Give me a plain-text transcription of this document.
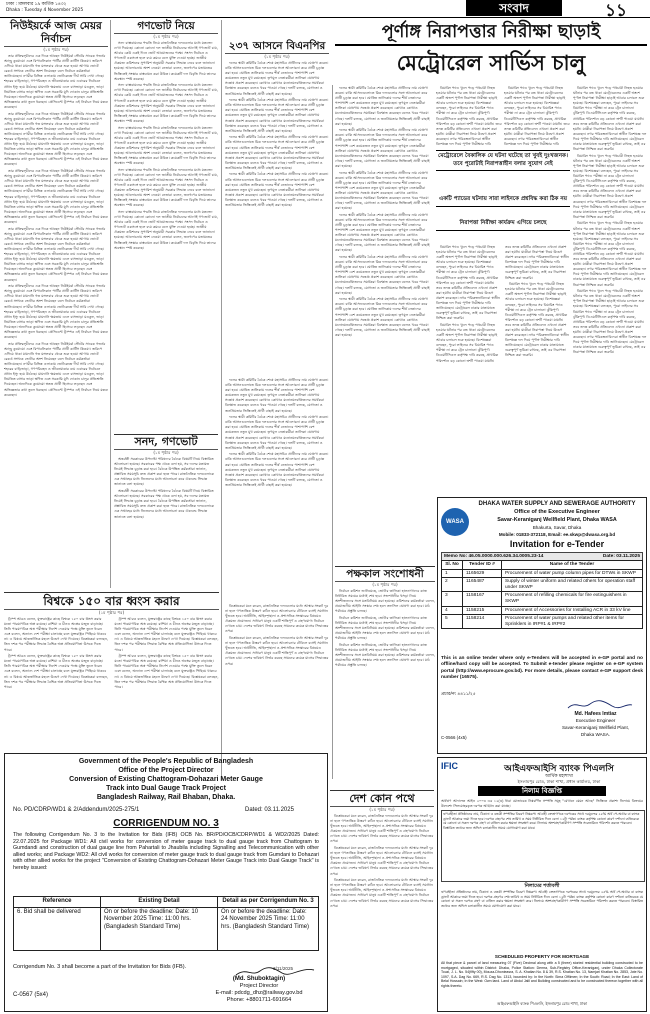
ঢাকা : মঙ্গলবার ১৯ কার্তিক ১৪৩২
Dhaka : Tuesday 4 November 2025	সংবাদ	১১
নিউইয়র্কে আজ মেয়র নির্বাচন
(১ম পৃষ্ঠার পর)

তার প্রতিদ্বন্দ্বীদের এক দিকে আছেন নিউইয়র্ক স্টেটের সাবেক গভর্নর অ্যান্ড্রু কুয়োমো এবং রিপাবলিকান পার্টির প্রার্থী কার্টিস স্লিওয়া। জরিপে এগিয়ে থাকা মামদানি গত মঙ্গলবার থেকে শুরু হওয়া আগাম ভোটে রেকর্ড সংখ্যক ভোটার অংশ নিয়েছেন বলে নির্বাচন কর্মকর্তারা জানিয়েছেন। নগরীর বিভিন্ন এলাকায় ভোটকেন্দ্রে দীর্ঘ সারি দেখা গেছে। শহরের বাড়িভাড়া, গণপরিবহন ও জীবনযাত্রার ব্যয় এবারের নির্বাচনে প্রধান ইস্যু হয়ে উঠেছে। মামদানি ক্ষমতায় এলে বাসভাড়া মওকুফ, ভাড়া নিয়ন্ত্রিত বাসার ভাড়া স্থগিত এবং সরকারি মুদি দোকান চালুর প্রতিশ্রুতি দিয়েছেন। অন্যদিকে কুয়োমো স্বতন্ত্র প্রার্থী হিসেবে লড়ছেন এবং অভিজ্ঞতার কথা তুলে ধরছেন। প্রেসিডেন্ট ট্রাম্পও এই নির্বাচন নিয়ে মন্তব্য করেছেন।

তার প্রতিদ্বন্দ্বীদের এক দিকে আছেন নিউইয়র্ক স্টেটের সাবেক গভর্নর অ্যান্ড্রু কুয়োমো এবং রিপাবলিকান পার্টির প্রার্থী কার্টিস স্লিওয়া। জরিপে এগিয়ে থাকা মামদানি গত মঙ্গলবার থেকে শুরু হওয়া আগাম ভোটে রেকর্ড সংখ্যক ভোটার অংশ নিয়েছেন বলে নির্বাচন কর্মকর্তারা জানিয়েছেন। নগরীর বিভিন্ন এলাকায় ভোটকেন্দ্রে দীর্ঘ সারি দেখা গেছে। শহরের বাড়িভাড়া, গণপরিবহন ও জীবনযাত্রার ব্যয় এবারের নির্বাচনে প্রধান ইস্যু হয়ে উঠেছে। মামদানি ক্ষমতায় এলে বাসভাড়া মওকুফ, ভাড়া নিয়ন্ত্রিত বাসার ভাড়া স্থগিত এবং সরকারি মুদি দোকান চালুর প্রতিশ্রুতি দিয়েছেন। অন্যদিকে কুয়োমো স্বতন্ত্র প্রার্থী হিসেবে লড়ছেন এবং অভিজ্ঞতার কথা তুলে ধরছেন। প্রেসিডেন্ট ট্রাম্পও এই নির্বাচন নিয়ে মন্তব্য করেছেন।

তার প্রতিদ্বন্দ্বীদের এক দিকে আছেন নিউইয়র্ক স্টেটের সাবেক গভর্নর অ্যান্ড্রু কুয়োমো এবং রিপাবলিকান পার্টির প্রার্থী কার্টিস স্লিওয়া। জরিপে এগিয়ে থাকা মামদানি গত মঙ্গলবার থেকে শুরু হওয়া আগাম ভোটে রেকর্ড সংখ্যক ভোটার অংশ নিয়েছেন বলে নির্বাচন কর্মকর্তারা জানিয়েছেন। নগরীর বিভিন্ন এলাকায় ভোটকেন্দ্রে দীর্ঘ সারি দেখা গেছে। শহরের বাড়িভাড়া, গণপরিবহন ও জীবনযাত্রার ব্যয় এবারের নির্বাচনে প্রধান ইস্যু হয়ে উঠেছে। মামদানি ক্ষমতায় এলে বাসভাড়া মওকুফ, ভাড়া নিয়ন্ত্রিত বাসার ভাড়া স্থগিত এবং সরকারি মুদি দোকান চালুর প্রতিশ্রুতি দিয়েছেন। অন্যদিকে কুয়োমো স্বতন্ত্র প্রার্থী হিসেবে লড়ছেন এবং অভিজ্ঞতার কথা তুলে ধরছেন। প্রেসিডেন্ট ট্রাম্পও এই নির্বাচন নিয়ে মন্তব্য করেছেন।

তার প্রতিদ্বন্দ্বীদের এক দিকে আছেন নিউইয়র্ক স্টেটের সাবেক গভর্নর অ্যান্ড্রু কুয়োমো এবং রিপাবলিকান পার্টির প্রার্থী কার্টিস স্লিওয়া। জরিপে এগিয়ে থাকা মামদানি গত মঙ্গলবার থেকে শুরু হওয়া আগাম ভোটে রেকর্ড সংখ্যক ভোটার অংশ নিয়েছেন বলে নির্বাচন কর্মকর্তারা জানিয়েছেন। নগরীর বিভিন্ন এলাকায় ভোটকেন্দ্রে দীর্ঘ সারি দেখা গেছে। শহরের বাড়িভাড়া, গণপরিবহন ও জীবনযাত্রার ব্যয় এবারের নির্বাচনে প্রধান ইস্যু হয়ে উঠেছে। মামদানি ক্ষমতায় এলে বাসভাড়া মওকুফ, ভাড়া নিয়ন্ত্রিত বাসার ভাড়া স্থগিত এবং সরকারি মুদি দোকান চালুর প্রতিশ্রুতি দিয়েছেন। অন্যদিকে কুয়োমো স্বতন্ত্র প্রার্থী হিসেবে লড়ছেন এবং অভিজ্ঞতার কথা তুলে ধরছেন। প্রেসিডেন্ট ট্রাম্পও এই নির্বাচন নিয়ে মন্তব্য করেছেন।

তার প্রতিদ্বন্দ্বীদের এক দিকে আছেন নিউইয়র্ক স্টেটের সাবেক গভর্নর অ্যান্ড্রু কুয়োমো এবং রিপাবলিকান পার্টির প্রার্থী কার্টিস স্লিওয়া। জরিপে এগিয়ে থাকা মামদানি গত মঙ্গলবার থেকে শুরু হওয়া আগাম ভোটে রেকর্ড সংখ্যক ভোটার অংশ নিয়েছেন বলে নির্বাচন কর্মকর্তারা জানিয়েছেন। নগরীর বিভিন্ন এলাকায় ভোটকেন্দ্রে দীর্ঘ সারি দেখা গেছে। শহরের বাড়িভাড়া, গণপরিবহন ও জীবনযাত্রার ব্যয় এবারের নির্বাচনে প্রধান ইস্যু হয়ে উঠেছে। মামদানি ক্ষমতায় এলে বাসভাড়া মওকুফ, ভাড়া নিয়ন্ত্রিত বাসার ভাড়া স্থগিত এবং সরকারি মুদি দোকান চালুর প্রতিশ্রুতি দিয়েছেন। অন্যদিকে কুয়োমো স্বতন্ত্র প্রার্থী হিসেবে লড়ছেন এবং অভিজ্ঞতার কথা তুলে ধরছেন। প্রেসিডেন্ট ট্রাম্পও এই নির্বাচন নিয়ে মন্তব্য করেছেন।

তার প্রতিদ্বন্দ্বীদের এক দিকে আছেন নিউইয়র্ক স্টেটের সাবেক গভর্নর অ্যান্ড্রু কুয়োমো এবং রিপাবলিকান পার্টির প্রার্থী কার্টিস স্লিওয়া। জরিপে এগিয়ে থাকা মামদানি গত মঙ্গলবার থেকে শুরু হওয়া আগাম ভোটে রেকর্ড সংখ্যক ভোটার অংশ নিয়েছেন বলে নির্বাচন কর্মকর্তারা জানিয়েছেন। নগরীর বিভিন্ন এলাকায় ভোটকেন্দ্রে দীর্ঘ সারি দেখা গেছে। শহরের বাড়িভাড়া, গণপরিবহন ও জীবনযাত্রার ব্যয় এবারের নির্বাচনে প্রধান ইস্যু হয়ে উঠেছে। মামদানি ক্ষমতায় এলে বাসভাড়া মওকুফ, ভাড়া নিয়ন্ত্রিত বাসার ভাড়া স্থগিত এবং সরকারি মুদি দোকান চালুর প্রতিশ্রুতি দিয়েছেন। অন্যদিকে কুয়োমো স্বতন্ত্র প্রার্থী হিসেবে লড়ছেন এবং অভিজ্ঞতার কথা তুলে ধরছেন। প্রেসিডেন্ট ট্রাম্পও এই নির্বাচন নিয়ে মন্তব্য করেছেন।

বিশ্বকে ১৫০ বার ধ্বংস করার
(১ম পৃষ্ঠার পর)

ট্রাম্প আরও বলেন, যুক্তরাষ্ট্রের কাছে বিশ্বকে ১৫০ বার ধ্বংস করার মতো পারমাণবিক অস্ত্র রয়েছে। রাশিয়া ও চীনও অস্ত্রের মজুত বাড়াচ্ছে। তিনি পারমাণবিক অস্ত্র পরীক্ষার নির্দেশ দেওয়ার পক্ষে যুক্তি তুলে ধরেন এবং বলেন, অন্যান্য দেশ পরীক্ষা চালাচ্ছে বলে যুক্তরাষ্ট্রও পিছিয়ে থাকবে না। এ বিষয়ে আন্তর্জাতিক মহলে উদ্বেগ দেখা দিয়েছে। বিশ্লেষকরা বলছেন, তিন দশক পর পরীক্ষার সিদ্ধান্ত বৈশ্বিক অস্ত্র প্রতিযোগিতা উসকে দিতে পারে।

ট্রাম্প আরও বলেন, যুক্তরাষ্ট্রের কাছে বিশ্বকে ১৫০ বার ধ্বংস করার মতো পারমাণবিক অস্ত্র রয়েছে। রাশিয়া ও চীনও অস্ত্রের মজুত বাড়াচ্ছে। তিনি পারমাণবিক অস্ত্র পরীক্ষার নির্দেশ দেওয়ার পক্ষে যুক্তি তুলে ধরেন এবং বলেন, অন্যান্য দেশ পরীক্ষা চালাচ্ছে বলে যুক্তরাষ্ট্রও পিছিয়ে থাকবে না। এ বিষয়ে আন্তর্জাতিক মহলে উদ্বেগ দেখা দিয়েছে। বিশ্লেষকরা বলছেন, তিন দশক পর পরীক্ষার সিদ্ধান্ত বৈশ্বিক অস্ত্র প্রতিযোগিতা উসকে দিতে পারে।

ট্রাম্প আরও বলেন, যুক্তরাষ্ট্রের কাছে বিশ্বকে ১৫০ বার ধ্বংস করার মতো পারমাণবিক অস্ত্র রয়েছে। রাশিয়া ও চীনও অস্ত্রের মজুত বাড়াচ্ছে। তিনি পারমাণবিক অস্ত্র পরীক্ষার নির্দেশ দেওয়ার পক্ষে যুক্তি তুলে ধরেন এবং বলেন, অন্যান্য দেশ পরীক্ষা চালাচ্ছে বলে যুক্তরাষ্ট্রও পিছিয়ে থাকবে না। এ বিষয়ে আন্তর্জাতিক মহলে উদ্বেগ দেখা দিয়েছে। বিশ্লেষকরা বলছেন, তিন দশক পর পরীক্ষার সিদ্ধান্ত বৈশ্বিক অস্ত্র প্রতিযোগিতা উসকে দিতে পারে।

ট্রাম্প আরও বলেন, যুক্তরাষ্ট্রের কাছে বিশ্বকে ১৫০ বার ধ্বংস করার মতো পারমাণবিক অস্ত্র রয়েছে। রাশিয়া ও চীনও অস্ত্রের মজুত বাড়াচ্ছে। তিনি পারমাণবিক অস্ত্র পরীক্ষার নির্দেশ দেওয়ার পক্ষে যুক্তি তুলে ধরেন এবং বলেন, অন্যান্য দেশ পরীক্ষা চালাচ্ছে বলে যুক্তরাষ্ট্রও পিছিয়ে থাকবে না। এ বিষয়ে আন্তর্জাতিক মহলে উদ্বেগ দেখা দিয়েছে। বিশ্লেষকরা বলছেন, তিন দশক পর পরীক্ষার সিদ্ধান্ত বৈশ্বিক অস্ত্র প্রতিযোগিতা উসকে দিতে পারে।

গণভোট নিয়ে
(১ম পৃষ্ঠার পর)

সনদ বাস্তবায়নের পদ্ধতি নিয়ে রাজনৈতিক দলগুলোর মধ্যে মতভেদ দেখা দিয়েছে। কোনো কোনো দল জাতীয় নির্বাচনের আগেই গণভোট চায়, আবার কেউ একই দিনে ভোট আয়োজনের পক্ষে। সংসদ নির্বাচন ও গণভোট একসঙ্গে হলে ব্যয় কমবে বলে যুক্তি দেওয়া হচ্ছে। জাতীয় ঐকমত্য কমিশনের সুপারিশ অনুযায়ী সরকার সিদ্ধান্ত নেবে বলে জানানো হয়েছে। আলোচনায় অংশ নেওয়া নেতারা বলেন, জনগণের মতামতের ভিত্তিতেই সংস্কার বাস্তবায়ন করা উচিত। কয়েকটি দল বিবৃতি দিয়ে তাদের অবস্থান স্পষ্ট করেছে।

সনদ বাস্তবায়নের পদ্ধতি নিয়ে রাজনৈতিক দলগুলোর মধ্যে মতভেদ দেখা দিয়েছে। কোনো কোনো দল জাতীয় নির্বাচনের আগেই গণভোট চায়, আবার কেউ একই দিনে ভোট আয়োজনের পক্ষে। সংসদ নির্বাচন ও গণভোট একসঙ্গে হলে ব্যয় কমবে বলে যুক্তি দেওয়া হচ্ছে। জাতীয় ঐকমত্য কমিশনের সুপারিশ অনুযায়ী সরকার সিদ্ধান্ত নেবে বলে জানানো হয়েছে। আলোচনায় অংশ নেওয়া নেতারা বলেন, জনগণের মতামতের ভিত্তিতেই সংস্কার বাস্তবায়ন করা উচিত। কয়েকটি দল বিবৃতি দিয়ে তাদের অবস্থান স্পষ্ট করেছে।

সনদ বাস্তবায়নের পদ্ধতি নিয়ে রাজনৈতিক দলগুলোর মধ্যে মতভেদ দেখা দিয়েছে। কোনো কোনো দল জাতীয় নির্বাচনের আগেই গণভোট চায়, আবার কেউ একই দিনে ভোট আয়োজনের পক্ষে। সংসদ নির্বাচন ও গণভোট একসঙ্গে হলে ব্যয় কমবে বলে যুক্তি দেওয়া হচ্ছে। জাতীয় ঐকমত্য কমিশনের সুপারিশ অনুযায়ী সরকার সিদ্ধান্ত নেবে বলে জানানো হয়েছে। আলোচনায় অংশ নেওয়া নেতারা বলেন, জনগণের মতামতের ভিত্তিতেই সংস্কার বাস্তবায়ন করা উচিত। কয়েকটি দল বিবৃতি দিয়ে তাদের অবস্থান স্পষ্ট করেছে।

সনদ বাস্তবায়নের পদ্ধতি নিয়ে রাজনৈতিক দলগুলোর মধ্যে মতভেদ দেখা দিয়েছে। কোনো কোনো দল জাতীয় নির্বাচনের আগেই গণভোট চায়, আবার কেউ একই দিনে ভোট আয়োজনের পক্ষে। সংসদ নির্বাচন ও গণভোট একসঙ্গে হলে ব্যয় কমবে বলে যুক্তি দেওয়া হচ্ছে। জাতীয় ঐকমত্য কমিশনের সুপারিশ অনুযায়ী সরকার সিদ্ধান্ত নেবে বলে জানানো হয়েছে। আলোচনায় অংশ নেওয়া নেতারা বলেন, জনগণের মতামতের ভিত্তিতেই সংস্কার বাস্তবায়ন করা উচিত। কয়েকটি দল বিবৃতি দিয়ে তাদের অবস্থান স্পষ্ট করেছে।

সনদ বাস্তবায়নের পদ্ধতি নিয়ে রাজনৈতিক দলগুলোর মধ্যে মতভেদ দেখা দিয়েছে। কোনো কোনো দল জাতীয় নির্বাচনের আগেই গণভোট চায়, আবার কেউ একই দিনে ভোট আয়োজনের পক্ষে। সংসদ নির্বাচন ও গণভোট একসঙ্গে হলে ব্যয় কমবে বলে যুক্তি দেওয়া হচ্ছে। জাতীয় ঐকমত্য কমিশনের সুপারিশ অনুযায়ী সরকার সিদ্ধান্ত নেবে বলে জানানো হয়েছে। আলোচনায় অংশ নেওয়া নেতারা বলেন, জনগণের মতামতের ভিত্তিতেই সংস্কার বাস্তবায়ন করা উচিত। কয়েকটি দল বিবৃতি দিয়ে তাদের অবস্থান স্পষ্ট করেছে।

সনদ, গণভোট
(১ম পৃষ্ঠার পর)

অন্তর্বর্তী সরকারের উপদেষ্টা পরিষদের বৈঠকে বিষয়টি নিয়ে বিস্তারিত আলোচনা হয়েছে। সরকারের পক্ষ থেকে বলা হয়, সব দলের মতামত নিয়েই সিদ্ধান্ত চূড়ান্ত করা হবে। বৈঠকে উপস্থিত কর্মকর্তারা জানান, প্রস্তাবিত সময়সূচি দ্রুত প্রকাশ করা হতে পারে। রাজনৈতিক দলগুলোকে এক সপ্তাহের মধ্যে নিজেদের মধ্যে আলোচনা করে ঐক্যবদ্ধ সিদ্ধান্ত জানাতে বলা হয়েছে।

অন্তর্বর্তী সরকারের উপদেষ্টা পরিষদের বৈঠকে বিষয়টি নিয়ে বিস্তারিত আলোচনা হয়েছে। সরকারের পক্ষ থেকে বলা হয়, সব দলের মতামত নিয়েই সিদ্ধান্ত চূড়ান্ত করা হবে। বৈঠকে উপস্থিত কর্মকর্তারা জানান, প্রস্তাবিত সময়সূচি দ্রুত প্রকাশ করা হতে পারে। রাজনৈতিক দলগুলোকে এক সপ্তাহের মধ্যে নিজেদের মধ্যে আলোচনা করে ঐক্যবদ্ধ সিদ্ধান্ত জানাতে বলা হয়েছে।

২৩৭ আসনে বিএনপির
(১ম পৃষ্ঠার পর)

দলের স্থায়ী কমিটির বৈঠক শেষে মহাসচিব প্রার্থীদের নাম ঘোষণা করেন। বাকি আসনগুলোতে মিত্র দলগুলোর সঙ্গে আলোচনা করে প্রার্থী চূড়ান্ত করা হবে। ঘোষিত তালিকায় দলের শীর্ষ নেতাদের পাশাপাশি বেশ কয়েকজন নতুন মুখ রয়েছেন। তৃণমূল নেতাকর্মীরা তালিকা ঘোষণায় সন্তোষ প্রকাশ করেছেন। কোথাও কোথাও মনোনয়নবঞ্চিতদের সমর্থকরা বিক্ষোভ করেছেন বলেও খবর পাওয়া গেছে। দলটি বলছে, যোগ্যতা ও জনপ্রিয়তার ভিত্তিতেই প্রার্থী বাছাই করা হয়েছে।

দলের স্থায়ী কমিটির বৈঠক শেষে মহাসচিব প্রার্থীদের নাম ঘোষণা করেন। বাকি আসনগুলোতে মিত্র দলগুলোর সঙ্গে আলোচনা করে প্রার্থী চূড়ান্ত করা হবে। ঘোষিত তালিকায় দলের শীর্ষ নেতাদের পাশাপাশি বেশ কয়েকজন নতুন মুখ রয়েছেন। তৃণমূল নেতাকর্মীরা তালিকা ঘোষণায় সন্তোষ প্রকাশ করেছেন। কোথাও কোথাও মনোনয়নবঞ্চিতদের সমর্থকরা বিক্ষোভ করেছেন বলেও খবর পাওয়া গেছে। দলটি বলছে, যোগ্যতা ও জনপ্রিয়তার ভিত্তিতেই প্রার্থী বাছাই করা হয়েছে।

দলের স্থায়ী কমিটির বৈঠক শেষে মহাসচিব প্রার্থীদের নাম ঘোষণা করেন। বাকি আসনগুলোতে মিত্র দলগুলোর সঙ্গে আলোচনা করে প্রার্থী চূড়ান্ত করা হবে। ঘোষিত তালিকায় দলের শীর্ষ নেতাদের পাশাপাশি বেশ কয়েকজন নতুন মুখ রয়েছেন। তৃণমূল নেতাকর্মীরা তালিকা ঘোষণায় সন্তোষ প্রকাশ করেছেন। কোথাও কোথাও মনোনয়নবঞ্চিতদের সমর্থকরা বিক্ষোভ করেছেন বলেও খবর পাওয়া গেছে। দলটি বলছে, যোগ্যতা ও জনপ্রিয়তার ভিত্তিতেই প্রার্থী বাছাই করা হয়েছে।

দলের স্থায়ী কমিটির বৈঠক শেষে মহাসচিব প্রার্থীদের নাম ঘোষণা করেন। বাকি আসনগুলোতে মিত্র দলগুলোর সঙ্গে আলোচনা করে প্রার্থী চূড়ান্ত করা হবে। ঘোষিত তালিকায় দলের শীর্ষ নেতাদের পাশাপাশি বেশ কয়েকজন নতুন মুখ রয়েছেন। তৃণমূল নেতাকর্মীরা তালিকা ঘোষণায় সন্তোষ প্রকাশ করেছেন। কোথাও কোথাও মনোনয়নবঞ্চিতদের সমর্থকরা বিক্ষোভ করেছেন বলেও খবর পাওয়া গেছে। দলটি বলছে, যোগ্যতা ও জনপ্রিয়তার ভিত্তিতেই প্রার্থী বাছাই করা হয়েছে।

দলের স্থায়ী কমিটির বৈঠক শেষে মহাসচিব প্রার্থীদের নাম ঘোষণা করেন। বাকি আসনগুলোতে মিত্র দলগুলোর সঙ্গে আলোচনা করে প্রার্থী চূড়ান্ত করা হবে। ঘোষিত তালিকায় দলের শীর্ষ নেতাদের পাশাপাশি বেশ কয়েকজন নতুন মুখ রয়েছেন। তৃণমূল নেতাকর্মীরা তালিকা ঘোষণায় সন্তোষ প্রকাশ করেছেন। কোথাও কোথাও মনোনয়নবঞ্চিতদের সমর্থকরা বিক্ষোভ করেছেন বলেও খবর পাওয়া গেছে। দলটি বলছে, যোগ্যতা ও জনপ্রিয়তার ভিত্তিতেই প্রার্থী বাছাই করা হয়েছে।

দলের স্থায়ী কমিটির বৈঠক শেষে মহাসচিব প্রার্থীদের নাম ঘোষণা করেন। বাকি আসনগুলোতে মিত্র দলগুলোর সঙ্গে আলোচনা করে প্রার্থী চূড়ান্ত করা হবে। ঘোষিত তালিকায় দলের শীর্ষ নেতাদের পাশাপাশি বেশ কয়েকজন নতুন মুখ রয়েছেন। তৃণমূল নেতাকর্মীরা তালিকা ঘোষণায় সন্তোষ প্রকাশ করেছেন। কোথাও কোথাও মনোনয়নবঞ্চিতদের সমর্থকরা বিক্ষোভ করেছেন বলেও খবর পাওয়া গেছে। দলটি বলছে, যোগ্যতা ও জনপ্রিয়তার ভিত্তিতেই প্রার্থী বাছাই করা হয়েছে।

দলের স্থায়ী কমিটির বৈঠক শেষে মহাসচিব প্রার্থীদের নাম ঘোষণা করেন। বাকি আসনগুলোতে মিত্র দলগুলোর সঙ্গে আলোচনা করে প্রার্থী চূড়ান্ত করা হবে। ঘোষিত তালিকায় দলের শীর্ষ নেতাদের পাশাপাশি বেশ কয়েকজন নতুন মুখ রয়েছেন। তৃণমূল নেতাকর্মীরা তালিকা ঘোষণায় সন্তোষ প্রকাশ করেছেন। কোথাও কোথাও মনোনয়নবঞ্চিতদের সমর্থকরা বিক্ষোভ করেছেন বলেও খবর পাওয়া গেছে। দলটি বলছে, যোগ্যতা ও জনপ্রিয়তার ভিত্তিতেই প্রার্থী বাছাই করা হয়েছে।

বিশ্লেষকেরা মনে করেন, রাজনৈতিক দলগুলোর মধ্যে আস্থার সংকট দূর না হলে গণতান্ত্রিক উত্তরণ কঠিন হবে। আলোচনার টেবিলে বসেই সমাধান খুঁজতে হবে। অর্থনীতি, আইনশৃঙ্খলা ও প্রশাসনিক সংস্কারের বিষয়েও ঐকমত্য প্রয়োজন। সাধারণ মানুষ একটি শান্তিপূর্ণ ও গ্রহণযোগ্য নির্বাচন দেখতে চায়। দেশের ভবিষ্যৎ নির্ভর করছে সামনের কয়েক মাসের সিদ্ধান্তের ওপর।

বিশ্লেষকেরা মনে করেন, রাজনৈতিক দলগুলোর মধ্যে আস্থার সংকট দূর না হলে গণতান্ত্রিক উত্তরণ কঠিন হবে। আলোচনার টেবিলে বসেই সমাধান খুঁজতে হবে। অর্থনীতি, আইনশৃঙ্খলা ও প্রশাসনিক সংস্কারের বিষয়েও ঐকমত্য প্রয়োজন। সাধারণ মানুষ একটি শান্তিপূর্ণ ও গ্রহণযোগ্য নির্বাচন দেখতে চায়। দেশের ভবিষ্যৎ নির্ভর করছে সামনের কয়েক মাসের সিদ্ধান্তের ওপর।

দলের স্থায়ী কমিটির বৈঠক শেষে মহাসচিব প্রার্থীদের নাম ঘোষণা করেন। বাকি আসনগুলোতে মিত্র দলগুলোর সঙ্গে আলোচনা করে প্রার্থী চূড়ান্ত করা হবে। ঘোষিত তালিকায় দলের শীর্ষ নেতাদের পাশাপাশি বেশ কয়েকজন নতুন মুখ রয়েছেন। তৃণমূল নেতাকর্মীরা তালিকা ঘোষণায় সন্তোষ প্রকাশ করেছেন। কোথাও কোথাও মনোনয়নবঞ্চিতদের সমর্থকরা বিক্ষোভ করেছেন বলেও খবর পাওয়া গেছে। দলটি বলছে, যোগ্যতা ও জনপ্রিয়তার ভিত্তিতেই প্রার্থী বাছাই করা হয়েছে।

দলের স্থায়ী কমিটির বৈঠক শেষে মহাসচিব প্রার্থীদের নাম ঘোষণা করেন। বাকি আসনগুলোতে মিত্র দলগুলোর সঙ্গে আলোচনা করে প্রার্থী চূড়ান্ত করা হবে। ঘোষিত তালিকায় দলের শীর্ষ নেতাদের পাশাপাশি বেশ কয়েকজন নতুন মুখ রয়েছেন। তৃণমূল নেতাকর্মীরা তালিকা ঘোষণায় সন্তোষ প্রকাশ করেছেন। কোথাও কোথাও মনোনয়নবঞ্চিতদের সমর্থকরা বিক্ষোভ করেছেন বলেও খবর পাওয়া গেছে। দলটি বলছে, যোগ্যতা ও জনপ্রিয়তার ভিত্তিতেই প্রার্থী বাছাই করা হয়েছে।

দলের স্থায়ী কমিটির বৈঠক শেষে মহাসচিব প্রার্থীদের নাম ঘোষণা করেন। বাকি আসনগুলোতে মিত্র দলগুলোর সঙ্গে আলোচনা করে প্রার্থী চূড়ান্ত করা হবে। ঘোষিত তালিকায় দলের শীর্ষ নেতাদের পাশাপাশি বেশ কয়েকজন নতুন মুখ রয়েছেন। তৃণমূল নেতাকর্মীরা তালিকা ঘোষণায় সন্তোষ প্রকাশ করেছেন। কোথাও কোথাও মনোনয়নবঞ্চিতদের সমর্থকরা বিক্ষোভ করেছেন বলেও খবর পাওয়া গেছে। দলটি বলছে, যোগ্যতা ও জনপ্রিয়তার ভিত্তিতেই প্রার্থী বাছাই করা হয়েছে।

দলের স্থায়ী কমিটির বৈঠক শেষে মহাসচিব প্রার্থীদের নাম ঘোষণা করেন। বাকি আসনগুলোতে মিত্র দলগুলোর সঙ্গে আলোচনা করে প্রার্থী চূড়ান্ত করা হবে। ঘোষিত তালিকায় দলের শীর্ষ নেতাদের পাশাপাশি বেশ কয়েকজন নতুন মুখ রয়েছেন। তৃণমূল নেতাকর্মীরা তালিকা ঘোষণায় সন্তোষ প্রকাশ করেছেন। কোথাও কোথাও মনোনয়নবঞ্চিতদের সমর্থকরা বিক্ষোভ করেছেন বলেও খবর পাওয়া গেছে। দলটি বলছে, যোগ্যতা ও জনপ্রিয়তার ভিত্তিতেই প্রার্থী বাছাই করা হয়েছে।

দলের স্থায়ী কমিটির বৈঠক শেষে মহাসচিব প্রার্থীদের নাম ঘোষণা করেন। বাকি আসনগুলোতে মিত্র দলগুলোর সঙ্গে আলোচনা করে প্রার্থী চূড়ান্ত করা হবে। ঘোষিত তালিকায় দলের শীর্ষ নেতাদের পাশাপাশি বেশ কয়েকজন নতুন মুখ রয়েছেন। তৃণমূল নেতাকর্মীরা তালিকা ঘোষণায় সন্তোষ প্রকাশ করেছেন। কোথাও কোথাও মনোনয়নবঞ্চিতদের সমর্থকরা বিক্ষোভ করেছেন বলেও খবর পাওয়া গেছে। দলটি বলছে, যোগ্যতা ও জনপ্রিয়তার ভিত্তিতেই প্রার্থী বাছাই করা হয়েছে।

দলের স্থায়ী কমিটির বৈঠক শেষে মহাসচিব প্রার্থীদের নাম ঘোষণা করেন। বাকি আসনগুলোতে মিত্র দলগুলোর সঙ্গে আলোচনা করে প্রার্থী চূড়ান্ত করা হবে। ঘোষিত তালিকায় দলের শীর্ষ নেতাদের পাশাপাশি বেশ কয়েকজন নতুন মুখ রয়েছেন। তৃণমূল নেতাকর্মীরা তালিকা ঘোষণায় সন্তোষ প্রকাশ করেছেন। কোথাও কোথাও মনোনয়নবঞ্চিতদের সমর্থকরা বিক্ষোভ করেছেন বলেও খবর পাওয়া গেছে। দলটি বলছে, যোগ্যতা ও জনপ্রিয়তার ভিত্তিতেই প্রার্থী বাছাই করা হয়েছে।

পক্ষকাল সংশোধনী
(১ম পৃষ্ঠার পর)

নির্বাচন কমিশন জানিয়েছে, ভোটার তালিকা হালনাগাদের কাজ নির্ধারিত সময়ের মধ্যেই শেষ হবে। সংশোধনীর খসড়া নিয়ে অংশীজনদের সঙ্গে মতবিনিময় করা হয়েছে। কমিশনের কর্মকর্তারা বলেন, প্রয়োজনীয় আইনি সংস্কার শেষ হলে তফসিল ঘোষণা করা হবে। মাঠ পর্যায়ের প্রস্তুতি চলছে।

নির্বাচন কমিশন জানিয়েছে, ভোটার তালিকা হালনাগাদের কাজ নির্ধারিত সময়ের মধ্যেই শেষ হবে। সংশোধনীর খসড়া নিয়ে অংশীজনদের সঙ্গে মতবিনিময় করা হয়েছে। কমিশনের কর্মকর্তারা বলেন, প্রয়োজনীয় আইনি সংস্কার শেষ হলে তফসিল ঘোষণা করা হবে। মাঠ পর্যায়ের প্রস্তুতি চলছে।

নির্বাচন কমিশন জানিয়েছে, ভোটার তালিকা হালনাগাদের কাজ নির্ধারিত সময়ের মধ্যেই শেষ হবে। সংশোধনীর খসড়া নিয়ে অংশীজনদের সঙ্গে মতবিনিময় করা হয়েছে। কমিশনের কর্মকর্তারা বলেন, প্রয়োজনীয় আইনি সংস্কার শেষ হলে তফসিল ঘোষণা করা হবে। মাঠ পর্যায়ের প্রস্তুতি চলছে।

পূর্ণাঙ্গ নিরাপত্তার নিরীক্ষা ছাড়াই
মেট্রোরেল সার্ভিস চালু

বিয়ারিং প্যাড খুলে পড়ে পথচারী নিহত হওয়ার ঘটনার পর বন্ধ থাকা মেট্রোরেলের একটি অংশে পূর্ণাঙ্গ নিরাপত্তা নিরীক্ষা ছাড়াই আবার চলাচল শুরু হয়েছে। বিশেষজ্ঞরা বলছেন, পুরো লাইনের সব বিয়ারিং প্যাড পরীক্ষা না করে ট্রেন চালানো ঝুঁকিপূর্ণ। ডিএমটিসিএল কর্তৃপক্ষ দাবি করছে, প্রাথমিক পরিদর্শনে বড় কোনো ত্রুটি পাওয়া যায়নি। তবে তদন্ত কমিটির প্রতিবেদন এখনো প্রকাশ করা হয়নি। যাত্রীরা নিরাপত্তা নিয়ে উদ্বেগ প্রকাশ করেছেন। নগর পরিকল্পনাবিদেরা স্বাধীন বিশেষজ্ঞ দল দিয়ে পূর্ণাঙ্গ নিরীক্ষার দাবি

মেট্রোরেলে বৈকালিক যে ঘটনা ঘটেছে তা খুবই দুঃখজনক। তবে পুরোটাই নিরাপত্তাহীন বলার সুযোগ নেই
একটি প্যাডের ঘটনায় সারা লাইনকে প্রশ্নবিদ্ধ করা ঠিক নয়
নিরাপত্তা নিরীক্ষা কার্যক্রম এগিয়ে চলছে

বিয়ারিং প্যাড খুলে পড়ে পথচারী নিহত হওয়ার ঘটনার পর বন্ধ থাকা মেট্রোরেলের একটি অংশে পূর্ণাঙ্গ নিরাপত্তা নিরীক্ষা ছাড়াই আবার চলাচল শুরু হয়েছে। বিশেষজ্ঞরা বলছেন, পুরো লাইনের সব বিয়ারিং প্যাড পরীক্ষা না করে ট্রেন চালানো ঝুঁকিপূর্ণ। ডিএমটিসিএল কর্তৃপক্ষ দাবি করছে, প্রাথমিক পরিদর্শনে বড় কোনো ত্রুটি পাওয়া যায়নি। তবে তদন্ত কমিটির প্রতিবেদন এখনো প্রকাশ করা হয়নি। যাত্রীরা নিরাপত্তা নিয়ে উদ্বেগ প্রকাশ করেছেন। নগর পরিকল্পনাবিদেরা স্বাধীন বিশেষজ্ঞ দল দিয়ে পূর্ণাঙ্গ নিরীক্ষার দাবি

বিয়ারিং প্যাড খুলে পড়ে পথচারী নিহত হওয়ার ঘটনার পর বন্ধ থাকা মেট্রোরেলের একটি অংশে পূর্ণাঙ্গ নিরাপত্তা নিরীক্ষা ছাড়াই আবার চলাচল শুরু হয়েছে। বিশেষজ্ঞরা বলছেন, পুরো লাইনের সব বিয়ারিং প্যাড পরীক্ষা না করে ট্রেন চালানো ঝুঁকিপূর্ণ। ডিএমটিসিএল কর্তৃপক্ষ দাবি করছে, প্রাথমিক পরিদর্শনে বড় কোনো ত্রুটি পাওয়া যায়নি। তবে তদন্ত কমিটির প্রতিবেদন এখনো প্রকাশ করা হয়নি। যাত্রীরা নিরাপত্তা নিয়ে উদ্বেগ প্রকাশ করেছেন। নগর পরিকল্পনাবিদেরা স্বাধীন বিশেষজ্ঞ দল দিয়ে পূর্ণাঙ্গ নিরীক্ষার দাবি জানিয়েছেন। মেট্রোরেল ঢাকার যাতায়াতে গুরুত্বপূর্ণ ভূমিকা রাখছে, তাই এর নিরাপত্তা নিশ্চিত করা জরুরি।

বিয়ারিং প্যাড খুলে পড়ে পথচারী নিহত হওয়ার ঘটনার পর বন্ধ থাকা মেট্রোরেলের একটি অংশে পূর্ণাঙ্গ নিরাপত্তা নিরীক্ষা ছাড়াই আবার চলাচল শুরু হয়েছে। বিশেষজ্ঞরা বলছেন, পুরো লাইনের সব বিয়ারিং প্যাড পরীক্ষা না করে ট্রেন চালানো ঝুঁকিপূর্ণ। ডিএমটিসিএল কর্তৃপক্ষ দাবি করছে, প্রাথমিক পরিদর্শনে বড় কোনো ত্রুটি পাওয়া যায়নি। তবে তদন্ত কমিটির প্রতিবেদন এখনো প্রকাশ করা হয়নি। যাত্রীরা নিরাপত্তা নিয়ে উদ্বেগ প্রকাশ করেছেন। নগর পরিকল্পনাবিদেরা স্বাধীন বিশেষজ্ঞ দল দিয়ে পূর্ণাঙ্গ নিরীক্ষার দাবি জানিয়েছেন। মেট্রোরেল ঢাকার যাতায়াতে গুরুত্বপূর্ণ ভূমিকা রাখছে, তাই এর নিরাপত্তা নিশ্চিত করা জরুরি।

বিয়ারিং প্যাড খুলে পড়ে পথচারী নিহত হওয়ার ঘটনার পর বন্ধ থাকা মেট্রোরেলের একটি অংশে পূর্ণাঙ্গ নিরাপত্তা নিরীক্ষা ছাড়াই আবার চলাচল শুরু হয়েছে। বিশেষজ্ঞরা বলছেন, পুরো লাইনের সব বিয়ারিং প্যাড পরীক্ষা না করে ট্রেন চালানো ঝুঁকিপূর্ণ। ডিএমটিসিএল কর্তৃপক্ষ দাবি করছে, প্রাথমিক পরিদর্শনে বড় কোনো ত্রুটি পাওয়া যায়নি। তবে তদন্ত কমিটির প্রতিবেদন এখনো প্রকাশ করা হয়নি। যাত্রীরা নিরাপত্তা নিয়ে উদ্বেগ প্রকাশ করেছেন। নগর পরিকল্পনাবিদেরা স্বাধীন বিশেষজ্ঞ দল দিয়ে পূর্ণাঙ্গ নিরীক্ষার দাবি জানিয়েছেন। মেট্রোরেল ঢাকার যাতায়াতে গুরুত্বপূর্ণ ভূমিকা রাখছে, তাই এর নিরাপত্তা নিশ্চিত করা জরুরি।

বিয়ারিং প্যাড খুলে পড়ে পথচারী নিহত হওয়ার ঘটনার পর বন্ধ থাকা মেট্রোরেলের একটি অংশে পূর্ণাঙ্গ নিরাপত্তা নিরীক্ষা ছাড়াই আবার চলাচল শুরু হয়েছে। বিশেষজ্ঞরা বলছেন, পুরো লাইনের সব বিয়ারিং প্যাড পরীক্ষা না করে ট্রেন চালানো ঝুঁকিপূর্ণ। ডিএমটিসিএল কর্তৃপক্ষ দাবি করছে, প্রাথমিক পরিদর্শনে বড় কোনো ত্রুটি পাওয়া যায়নি। তবে তদন্ত কমিটির প্রতিবেদন এখনো প্রকাশ করা হয়নি। যাত্রীরা নিরাপত্তা নিয়ে উদ্বেগ প্রকাশ করেছেন। নগর পরিকল্পনাবিদেরা স্বাধীন বিশেষজ্ঞ দল দিয়ে পূর্ণাঙ্গ নিরীক্ষার দাবি জানিয়েছেন। মেট্রোরেল ঢাকার যাতায়াতে গুরুত্বপূর্ণ ভূমিকা রাখছে, তাই এর নিরাপত্তা নিশ্চিত করা জরুরি।

বিয়ারিং প্যাড খুলে পড়ে পথচারী নিহত হওয়ার ঘটনার পর বন্ধ থাকা মেট্রোরেলের একটি অংশে পূর্ণাঙ্গ নিরাপত্তা নিরীক্ষা ছাড়াই আবার চলাচল শুরু হয়েছে। বিশেষজ্ঞরা বলছেন, পুরো লাইনের সব বিয়ারিং প্যাড পরীক্ষা না করে ট্রেন চালানো ঝুঁকিপূর্ণ। ডিএমটিসিএল কর্তৃপক্ষ দাবি করছে, প্রাথমিক পরিদর্শনে বড় কোনো ত্রুটি পাওয়া যায়নি। তবে তদন্ত কমিটির প্রতিবেদন এখনো প্রকাশ করা হয়নি। যাত্রীরা নিরাপত্তা নিয়ে উদ্বেগ প্রকাশ করেছেন। নগর পরিকল্পনাবিদেরা স্বাধীন বিশেষজ্ঞ দল দিয়ে পূর্ণাঙ্গ নিরীক্ষার দাবি জানিয়েছেন। মেট্রোরেল ঢাকার যাতায়াতে গুরুত্বপূর্ণ ভূমিকা রাখছে, তাই এর নিরাপত্তা নিশ্চিত করা জরুরি।

বিয়ারিং প্যাড খুলে পড়ে পথচারী নিহত হওয়ার ঘটনার পর বন্ধ থাকা মেট্রোরেলের একটি অংশে পূর্ণাঙ্গ নিরাপত্তা নিরীক্ষা ছাড়াই আবার চলাচল শুরু হয়েছে। বিশেষজ্ঞরা বলছেন, পুরো লাইনের সব বিয়ারিং প্যাড পরীক্ষা না করে ট্রেন চালানো ঝুঁকিপূর্ণ। ডিএমটিসিএল কর্তৃপক্ষ দাবি করছে, প্রাথমিক পরিদর্শনে বড় কোনো ত্রুটি পাওয়া যায়নি। তবে তদন্ত কমিটির প্রতিবেদন এখনো প্রকাশ করা হয়নি। যাত্রীরা নিরাপত্তা নিয়ে উদ্বেগ প্রকাশ করেছেন। নগর পরিকল্পনাবিদেরা স্বাধীন বিশেষজ্ঞ দল দিয়ে পূর্ণাঙ্গ নিরীক্ষার দাবি জানিয়েছেন। মেট্রোরেল ঢাকার যাতায়াতে গুরুত্বপূর্ণ ভূমিকা রাখছে, তাই এর নিরাপত্তা নিশ্চিত করা জরুরি।

বিয়ারিং প্যাড খুলে পড়ে পথচারী নিহত হওয়ার ঘটনার পর বন্ধ থাকা মেট্রোরেলের একটি অংশে পূর্ণাঙ্গ নিরাপত্তা নিরীক্ষা ছাড়াই আবার চলাচল শুরু হয়েছে। বিশেষজ্ঞরা বলছেন, পুরো লাইনের সব বিয়ারিং প্যাড পরীক্ষা না করে ট্রেন চালানো ঝুঁকিপূর্ণ। ডিএমটিসিএল কর্তৃপক্ষ দাবি করছে, প্রাথমিক পরিদর্শনে বড় কোনো ত্রুটি পাওয়া যায়নি। তবে তদন্ত কমিটির প্রতিবেদন এখনো প্রকাশ করা হয়নি। যাত্রীরা নিরাপত্তা নিয়ে উদ্বেগ প্রকাশ করেছেন। নগর পরিকল্পনাবিদেরা স্বাধীন বিশেষজ্ঞ দল দিয়ে পূর্ণাঙ্গ নিরীক্ষার দাবি জানিয়েছেন। মেট্রোরেল ঢাকার যাতায়াতে গুরুত্বপূর্ণ ভূমিকা রাখছে, তাই এর নিরাপত্তা নিশ্চিত করা জরুরি।

WASA
DHAKA WATER SUPPLY AND SEWERAGE AUTHORITY
Office of the Executive Engineer
Savar-Keraniganj Wellfield Plant, Dhaka WASA
Bhakurta, Savar, Dhaka
Mobile: 01833-372118, Email: ee.skwp@dwasa.org.bd
Invitation for e-Tender
Memo No: 46.05.0000.000.626.34.0005.23-14	Date: 03.11.2025
Sl. No	Tender ID #	Name of the Tender
1	1165629	Procurement of water pump column pipes for DTWs in SKWP
2	1165487	Supply of winter uniform and related others for operation staff under SKWP
3	1158167	Procurement of refilling chemicals for fire extinguishers in SKWP
4	1158215	Procurement of Accessories for Installing ACR in 33 kV line
5	1158214	Procurement of water pumps and related other items for Sprinklers in IRP#1 & IRP#2
This is an online tender where only e-Tenders will be accepted in e-GP portal and no offline/hard copy will be accepted. To Submit e-tender please register on e-GP system portal (http://www.eprocure.gov.bd). For more details, please contact e-GP support desk number (16575).
প্রচার/নং ৪৪১১/২৫
C-0566 (4x5)
Md. Hafees Imtiaz
Executive Engineer
Savar-Keraniganj Wellfield Plant,
Dhaka WASA.
IFIC	আইএফআইসি ব্যাংক পিএলসি
আর্থিক মহাশাখা
ইসলামপুর রোড, ঢাকা শাখা, প্রধান কার্যালয়, ঢাকা
নিলাম বিজ্ঞপ্তি
অর্থঋণ আদালত আইন ২০০৩ এর ১২(৩) ধারা মোতাবেক নিম্নবর্ণিত সম্পত্তি সমূহ "যেখানে যেমন আছে" ভিত্তিতে প্রকাশ্য নিলামে বিক্রয়ের উদ্দেশ্যে সিলমোহরকৃত দরপত্র আহ্বান করা যাচ্ছে।
ঋণগ্রহীতা প্রতিষ্ঠানের নাম, ঠিকানা ও বন্ধকী সম্পত্তির বিবরণ নিম্নরূপ। আগ্রহী ক্রেতাগণকে দরপত্রের সাথে দরমূল্যের ২৫% অর্থ পে-অর্ডার বা ব্যাংক ড্রাফট আকারে জমা দিতে হবে। দরপত্র গ্রহণের শেষ তারিখ ও সময় নির্ধারিত দিনে বেলা ১২টা পর্যন্ত। ব্যাংক কর্তৃপক্ষ কোনো কারণ দর্শানো ব্যতিরেকে যে কোনো বা সকল দরপত্র গ্রহণ বা বাতিল করার ক্ষমতা সংরক্ষণ করে। নিলামে অংশগ্রহণকারীগণ সম্পত্তি সরেজমিনে পরিদর্শন করতে পারবেন। বিস্তারিত তথ্যের জন্য অফিস চলাকালীন সময়ে যোগাযোগ করা যাবে।
নিলামের শর্তাবলী
ঋণগ্রহীতা প্রতিষ্ঠানের নাম, ঠিকানা ও বন্ধকী সম্পত্তির বিবরণ নিম্নরূপ। আগ্রহী ক্রেতাগণকে দরপত্রের সাথে দরমূল্যের ২৫% অর্থ পে-অর্ডার বা ব্যাংক ড্রাফট আকারে জমা দিতে হবে। দরপত্র গ্রহণের শেষ তারিখ ও সময় নির্ধারিত দিনে বেলা ১২টা পর্যন্ত। ব্যাংক কর্তৃপক্ষ কোনো কারণ দর্শানো ব্যতিরেকে যে কোনো বা সকল দরপত্র গ্রহণ বা বাতিল করার ক্ষমতা সংরক্ষণ করে। নিলামে অংশগ্রহণকারীগণ সম্পত্তি সরেজমিনে পরিদর্শন করতে পারবেন। বিস্তারিত তথ্যের জন্য অফিস চলাকালীন সময়ে যোগাযোগ করা যাবে।
SCHEDULED PROPERTY FOR MORTGAGE
All that piece & parcel of land measuring 07 (Five) Decimal along with a 5 (three) storied residential building constructed to be mortgaged, situated within District: Dhaka, Police Station: Demra, Sub-Registry Office-Keraniganj, under Dhaka Collectorate Touzi, J. L. No. 54(fifty 00), Mouza-Dhonieasra, S. A. Khatian No. 8 & 39, R.S. Khatian No. 13, Namjari Khatian No. 2853, Jote No. 1097, S.A. Dag No. 669, R.S. Dag No. 1313, bounded by: In the North: Sima Offlimen; In the South: Road; In the East: Land of Belal Hossain; In the West: Own land. Land of Abdul Jalil and Building constructed and to be constructed thereon together with all rights thereto.
আইএফআইসি ব্যাংক পিএলসি, ইসলামপুর রোড শাখা, ঢাকা
Government of the People's Republic of Bangladesh
Office of the Project Director
Conversion of Existing Chattogram-Dohazari Meter Gauge
Track into Dual Gauge Track Project
Bangladesh Railway, Rail Bhaban, Dhaka.
No. PD/CDRP/WD1 & 2/Addendum/2025-275/1	Dated: 03.11.2025
CORRIGENDUM NO. 3
The following Corrigendum No. 3 to the Invitation for Bids (IFB) OCB No. BR/PD/OCB/CDRP/WD1 & WD2/2025 Dated: 22.07.2025 for Package WD1: All civil works for conversion of meter gauge track to dual gauge track from Chattogram to Gumdandi and construction of dual gauge line from Pahartali to Jhaubila including Signalling and Telecommunication with other allied works; and Package WD2: All civil works for conversion of meter gauge track to dual gauge track from Gumdani to Dohazari with other allied works for the project "Conversion of Existing Chattogram-Dohazari Meter Gauge Track into Dual Gauge Track" is hereby issued:
Reference	Existing Detail	Detail as per Corrigendum No. 3
6. Bid shall be delivered	On or before the deadline: Date: 10 November 2025 Time: 11:00 hrs. (Bangladesh Standard Time)	On or before the deadline: Date: 24 November 2025 Time: 11:00 hrs. (Bangladesh Standard Time)
Corrigendum No. 3 shall become a part of the Invitation for Bids (IFB).
C-0567 (5x4)
3/11/2025
(Md. Shuboktagin)
Project Director
E-mail: pdcdg_dhz@railway.gov.bd
Phone: +8801711-691664
দেশ কোন পথে
(১ম পৃষ্ঠার পর)

বিশ্লেষকেরা মনে করেন, রাজনৈতিক দলগুলোর মধ্যে আস্থার সংকট দূর না হলে গণতান্ত্রিক উত্তরণ কঠিন হবে। আলোচনার টেবিলে বসেই সমাধান খুঁজতে হবে। অর্থনীতি, আইনশৃঙ্খলা ও প্রশাসনিক সংস্কারের বিষয়েও ঐকমত্য প্রয়োজন। সাধারণ মানুষ একটি শান্তিপূর্ণ ও গ্রহণযোগ্য নির্বাচন দেখতে চায়। দেশের ভবিষ্যৎ নির্ভর করছে সামনের কয়েক মাসের সিদ্ধান্তের ওপর।

বিশ্লেষকেরা মনে করেন, রাজনৈতিক দলগুলোর মধ্যে আস্থার সংকট দূর না হলে গণতান্ত্রিক উত্তরণ কঠিন হবে। আলোচনার টেবিলে বসেই সমাধান খুঁজতে হবে। অর্থনীতি, আইনশৃঙ্খলা ও প্রশাসনিক সংস্কারের বিষয়েও ঐকমত্য প্রয়োজন। সাধারণ মানুষ একটি শান্তিপূর্ণ ও গ্রহণযোগ্য নির্বাচন দেখতে চায়। দেশের ভবিষ্যৎ নির্ভর করছে সামনের কয়েক মাসের সিদ্ধান্তের ওপর।

বিশ্লেষকেরা মনে করেন, রাজনৈতিক দলগুলোর মধ্যে আস্থার সংকট দূর না হলে গণতান্ত্রিক উত্তরণ কঠিন হবে। আলোচনার টেবিলে বসেই সমাধান খুঁজতে হবে। অর্থনীতি, আইনশৃঙ্খলা ও প্রশাসনিক সংস্কারের বিষয়েও ঐকমত্য প্রয়োজন। সাধারণ মানুষ একটি শান্তিপূর্ণ ও গ্রহণযোগ্য নির্বাচন দেখতে চায়। দেশের ভবিষ্যৎ নির্ভর করছে সামনের কয়েক মাসের সিদ্ধান্তের ওপর।
